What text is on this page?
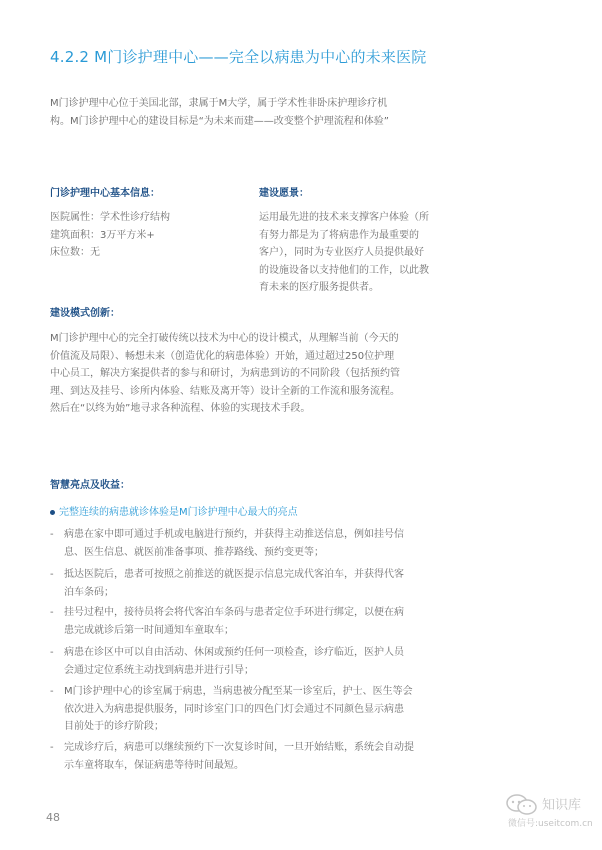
4.2.2 M门诊护理中心——完全以病患为中心的未来医院

M门诊护理中心位于美国北部，隶属于M大学，属于学术性非卧床护理诊疗机

构。M门诊护理中心的建设目标是“为未来而建——改变整个护理流程和体验”

门诊护理中心基本信息：

医院属性：学术性诊疗结构

建筑面积：3万平方米+

床位数：无

建设愿景：

运用最先进的技术来支撑客户体验（所

有努力都是为了将病患作为最重要的

客户），同时为专业医疗人员提供最好

的设施设备以支持他们的工作，以此教

育未来的医疗服务提供者。

建设模式创新：

M门诊护理中心的完全打破传统以技术为中心的设计模式，从理解当前（今天的

价值流及局限）、畅想未来（创造优化的病患体验）开始，通过超过250位护理

中心员工，解决方案提供者的参与和研讨，为病患到访的不同阶段（包括预约管

理、到达及挂号、诊所内体验、结账及离开等）设计全新的工作流和服务流程。

然后在“以终为始”地寻求各种流程、体验的实现技术手段。

智慧亮点及收益：
完整连续的病患就诊体验是M门诊护理中心最大的亮点
-	病患在家中即可通过手机或电脑进行预约，并获得主动推送信息，例如挂号信

息、医生信息、就医前准备事项、推荐路线、预约变更等；

-	抵达医院后，患者可按照之前推送的就医提示信息完成代客泊车，并获得代客

泊车条码；

-	挂号过程中，接待员将会将代客泊车条码与患者定位手环进行绑定，以便在病

患完成就诊后第一时间通知车童取车；

-	病患在诊区中可以自由活动、休闲或预约任何一项检查，诊疗临近，医护人员

会通过定位系统主动找到病患并进行引导；

-	M门诊护理中心的诊室属于病患，当病患被分配至某一诊室后，护士、医生等会

依次进入为病患提供服务，同时诊室门口的四色门灯会通过不同颜色显示病患

目前处于的诊疗阶段；

-	完成诊疗后，病患可以继续预约下一次复诊时间，一旦开始结账，系统会自动提

示车童将取车，保证病患等待时间最短。

48
知识库
微信号:useitcom.cn
